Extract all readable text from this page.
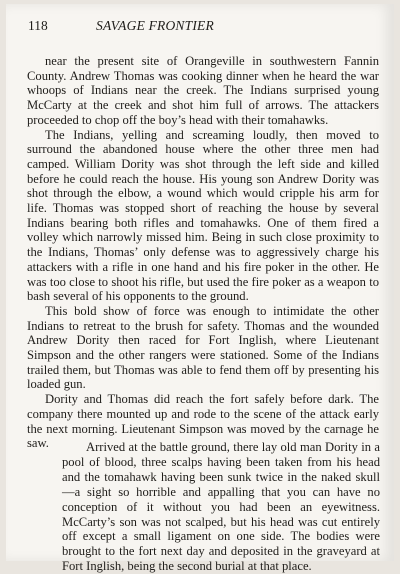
118	SAVAGE FRONTIER

near the present site of Orangeville in southwestern Fannin County. Andrew Thomas was cooking dinner when he heard the war whoops of Indians near the creek. The Indians surprised young McCarty at the creek and shot him full of arrows. The attackers proceeded to chop off the boy’s head with their tomahawks.

The Indians, yelling and screaming loudly, then moved to surround the abandoned house where the other three men had camped. William Dority was shot through the left side and killed before he could reach the house. His young son Andrew Dority was shot through the elbow, a wound which would cripple his arm for life. Thomas was stopped short of reaching the house by several Indians bearing both rifles and tomahawks. One of them fired a volley which narrowly missed him. Being in such close proximity to the Indians, Thomas’ only defense was to aggressively charge his attackers with a rifle in one hand and his fire poker in the other. He was too close to shoot his rifle, but used the fire poker as a weapon to bash several of his opponents to the ground.

This bold show of force was enough to intimidate the other Indians to retreat to the brush for safety. Thomas and the wounded Andrew Dority then raced for Fort Inglish, where Lieutenant Simpson and the other rangers were stationed. Some of the Indians trailed them, but Thomas was able to fend them off by presenting his loaded gun.

Dority and Thomas did reach the fort safely before dark. The company there mounted up and rode to the scene of the attack early the next morning. Lieutenant Simpson was moved by the carnage he saw.	Arrived at the battle ground, there lay old man Dority in a pool of blood, three scalps having been taken from his head and the tomahawk having been sunk twice in the naked skull—a sight so horrible and appalling that you can have no conception of it without you had been an eyewitness. McCarty’s son was not scalped, but his head was cut entirely off except a small ligament on one side. The bodies were brought to the fort next day and deposited in the graveyard at Fort Inglish, being the second burial at that place.
